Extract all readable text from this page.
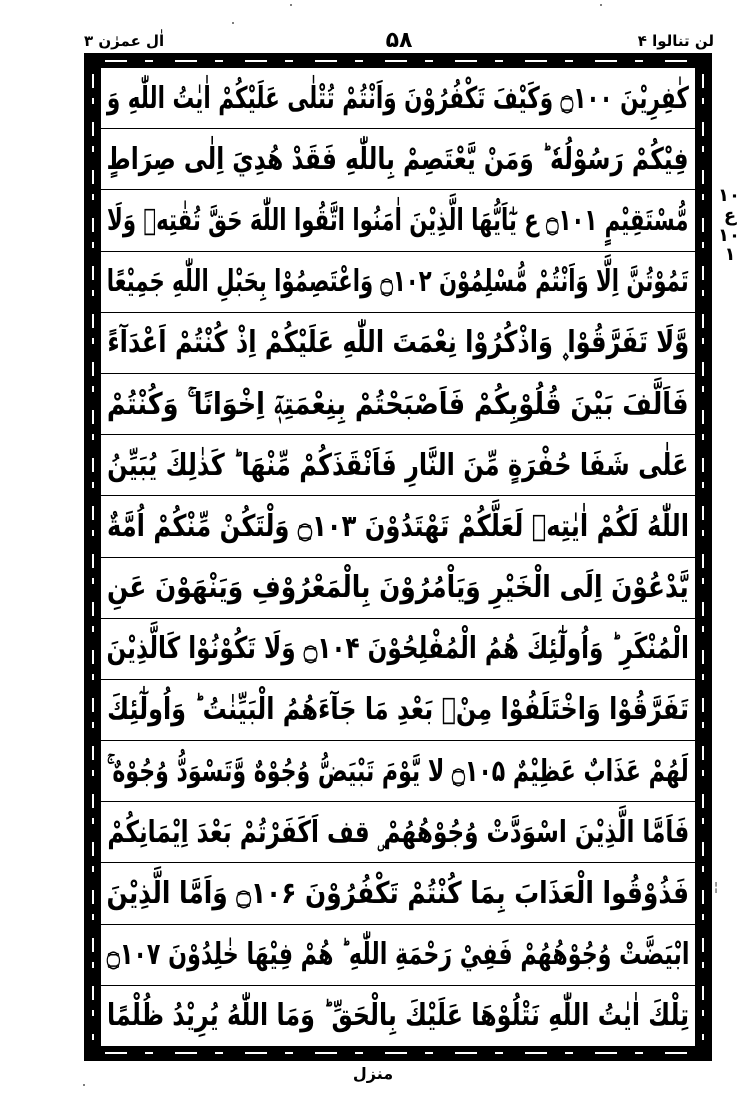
لن تنالوا ۴
۵۸
اٰل عمرٰن ۳
كٰفِرِيْنَ ۝۱۰۰ وَكَيْفَ تَكْفُرُوْنَ وَاَنْتُمْ تُتْلٰى عَلَيْكُمْ اٰيٰتُ اللّٰهِ وَ
فِيْكُمْ رَسُوْلُهٗ ؕ وَمَنْ يَّعْتَصِمْ بِاللّٰهِ فَقَدْ هُدِيَ اِلٰى صِرَاطٍ
مُّسْتَقِيْمٍ ۝۱۰۱ ع يٰٓاَيُّهَا الَّذِيْنَ اٰمَنُوا اتَّقُوا اللّٰهَ حَقَّ تُقٰتِهٖ وَلَا
تَمُوْتُنَّ اِلَّا وَاَنْتُمْ مُّسْلِمُوْنَ ۝۱۰۲ وَاعْتَصِمُوْا بِحَبْلِ اللّٰهِ جَمِيْعًا
وَّلَا تَفَرَّقُوْا ۪ وَاذْكُرُوْا نِعْمَتَ اللّٰهِ عَلَيْكُمْ اِذْ كُنْتُمْ اَعْدَآءً
فَاَلَّفَ بَيْنَ قُلُوْبِكُمْ فَاَصْبَحْتُمْ بِنِعْمَتِهٖٓ اِخْوَانًا ۚ وَكُنْتُمْ
عَلٰى شَفَا حُفْرَةٍ مِّنَ النَّارِ فَاَنْقَذَكُمْ مِّنْهَا ؕ كَذٰلِكَ يُبَيِّنُ
اللّٰهُ لَكُمْ اٰيٰتِهٖ لَعَلَّكُمْ تَهْتَدُوْنَ ۝۱۰۳ وَلْتَكُنْ مِّنْكُمْ اُمَّةٌ
يَّدْعُوْنَ اِلَى الْخَيْرِ وَيَاْمُرُوْنَ بِالْمَعْرُوْفِ وَيَنْهَوْنَ عَنِ
الْمُنْكَرِ ؕ وَاُولٰٓئِكَ هُمُ الْمُفْلِحُوْنَ ۝۱۰۴ وَلَا تَكُوْنُوْا كَالَّذِيْنَ
تَفَرَّقُوْا وَاخْتَلَفُوْا مِنْۢ بَعْدِ مَا جَآءَهُمُ الْبَيِّنٰتُ ؕ وَاُولٰٓئِكَ
لَهُمْ عَذَابٌ عَظِيْمٌ ۝۱۰۵ لا يَّوْمَ تَبْيَضُّ وُجُوْهٌ وَّتَسْوَدُّ وُجُوْهٌ ۚ
فَاَمَّا الَّذِيْنَ اسْوَدَّتْ وُجُوْهُهُمْ ۣ قف اَكَفَرْتُمْ بَعْدَ اِيْمَانِكُمْ
فَذُوْقُوا الْعَذَابَ بِمَا كُنْتُمْ تَكْفُرُوْنَ ۝۱۰۶ وَاَمَّا الَّذِيْنَ
ابْيَضَّتْ وُجُوْهُهُمْ فَفِيْ رَحْمَةِ اللّٰهِ ؕ هُمْ فِيْهَا خٰلِدُوْنَ ۝۱۰۷
تِلْكَ اٰيٰتُ اللّٰهِ نَتْلُوْهَا عَلَيْكَ بِالْحَقِّ ؕ وَمَا اللّٰهُ يُرِيْدُ ظُلْمًا
۱۰
ع
۱۰
۱
¦
منزل
